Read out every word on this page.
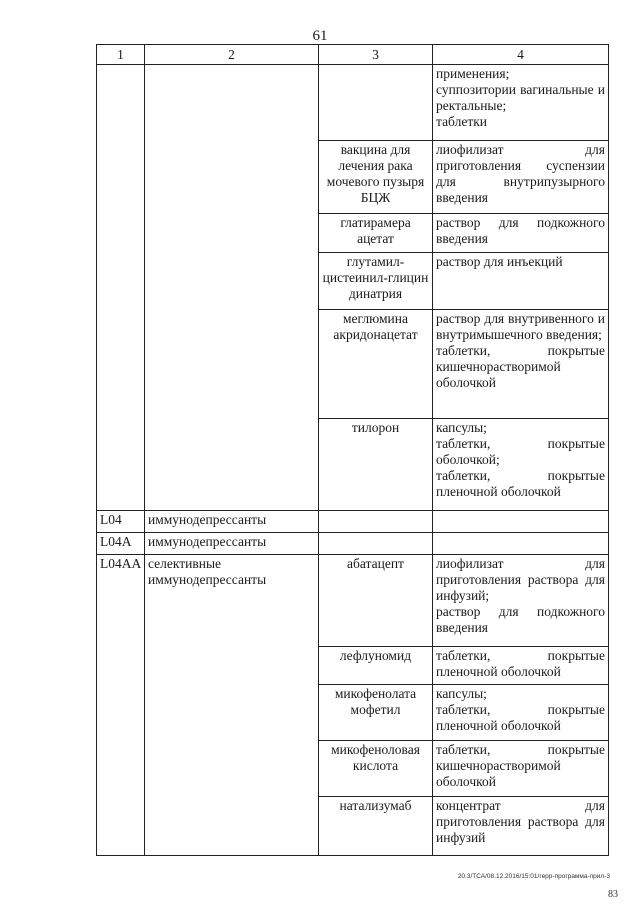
61
1	2	3	4

			применения;
суппозитории вагинальные и ректальные;
таблетки

		вакцина для лечения рака мочевого пузыря БЦЖ	лиофилизат для приготовления суспензии для внутрипузырного введения

		глатирамера ацетат	раствор для подкожного введения

		глутамил-цистеинил-глицин динатрия	раствор для инъекций

		меглюмина акридонацетат	раствор для внутривенного и внутримышечного введения;
таблетки, покрытые кишечнорастворимой оболочкой

		тилорон	капсулы;
таблетки, покрытые оболочкой;
таблетки, покрытые пленочной оболочкой

L04	иммунодепрессанты		
L04A	иммунодепрессанты		
L04AA	селективные иммунодепрессанты	абатацепт	лиофилизат для приготовления раствора для инфузий;
раствор для подкожного введения

		лефлуномид	таблетки, покрытые пленочной оболочкой

		микофенолата мофетил	капсулы;
таблетки, покрытые пленочной оболочкой

		микофеноловая кислота	таблетки, покрытые кишечнорастворимой оболочкой

		натализумаб	концентрат для приготовления раствора для инфузий
20.3/ТСА/08.12.2016/15:01/герр-программа-прил-3
83
